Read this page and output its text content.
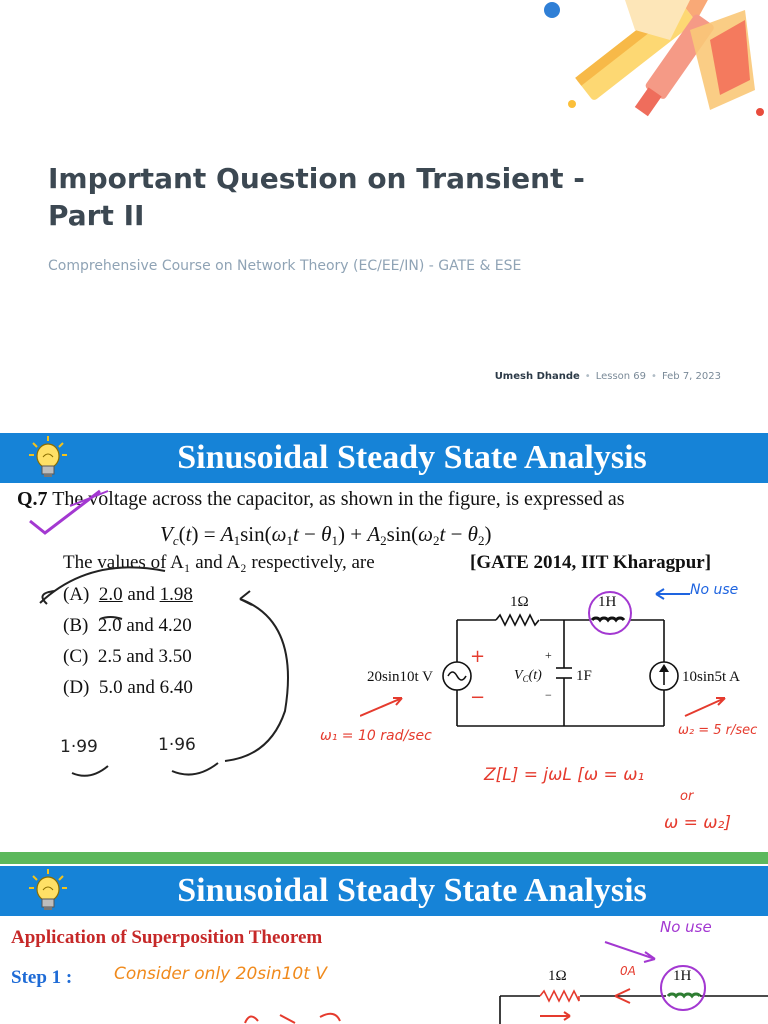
Important Question on Transient -
Part II
Comprehensive Course on Network Theory (EC/EE/IN) - GATE & ESE
Umesh Dhande • Lesson 69 • Feb 7, 2023
Sinusoidal Steady State Analysis
Q.7 The voltage across the capacitor, as shown in the figure, is expressed as
Vc(t) = A1sin(ω1t − θ1) + A2sin(ω2t − θ2)
The values of A₁ and A₂ respectively, are	[GATE 2014, IIT Kharagpur]
(A) 2.0 and 1.98
(B) 2.0 and 4.20
(C) 2.5 and 3.50
(D) 5.0 and 6.40
1·99	1·96
1Ω	1H
20sin10t V	1F	10sin5t A
$V_C(t)$
+
−
+
−
No use
ω₁ = 10 rad/sec	ω₂ = 5 r/sec
Z[L] = jωL [ω = ω₁
or
ω = ω₂]
Sinusoidal Steady State Analysis
Application of Superposition Theorem
Step 1 : Consider only 20sin10t V
No use
1Ω	1H
0A
